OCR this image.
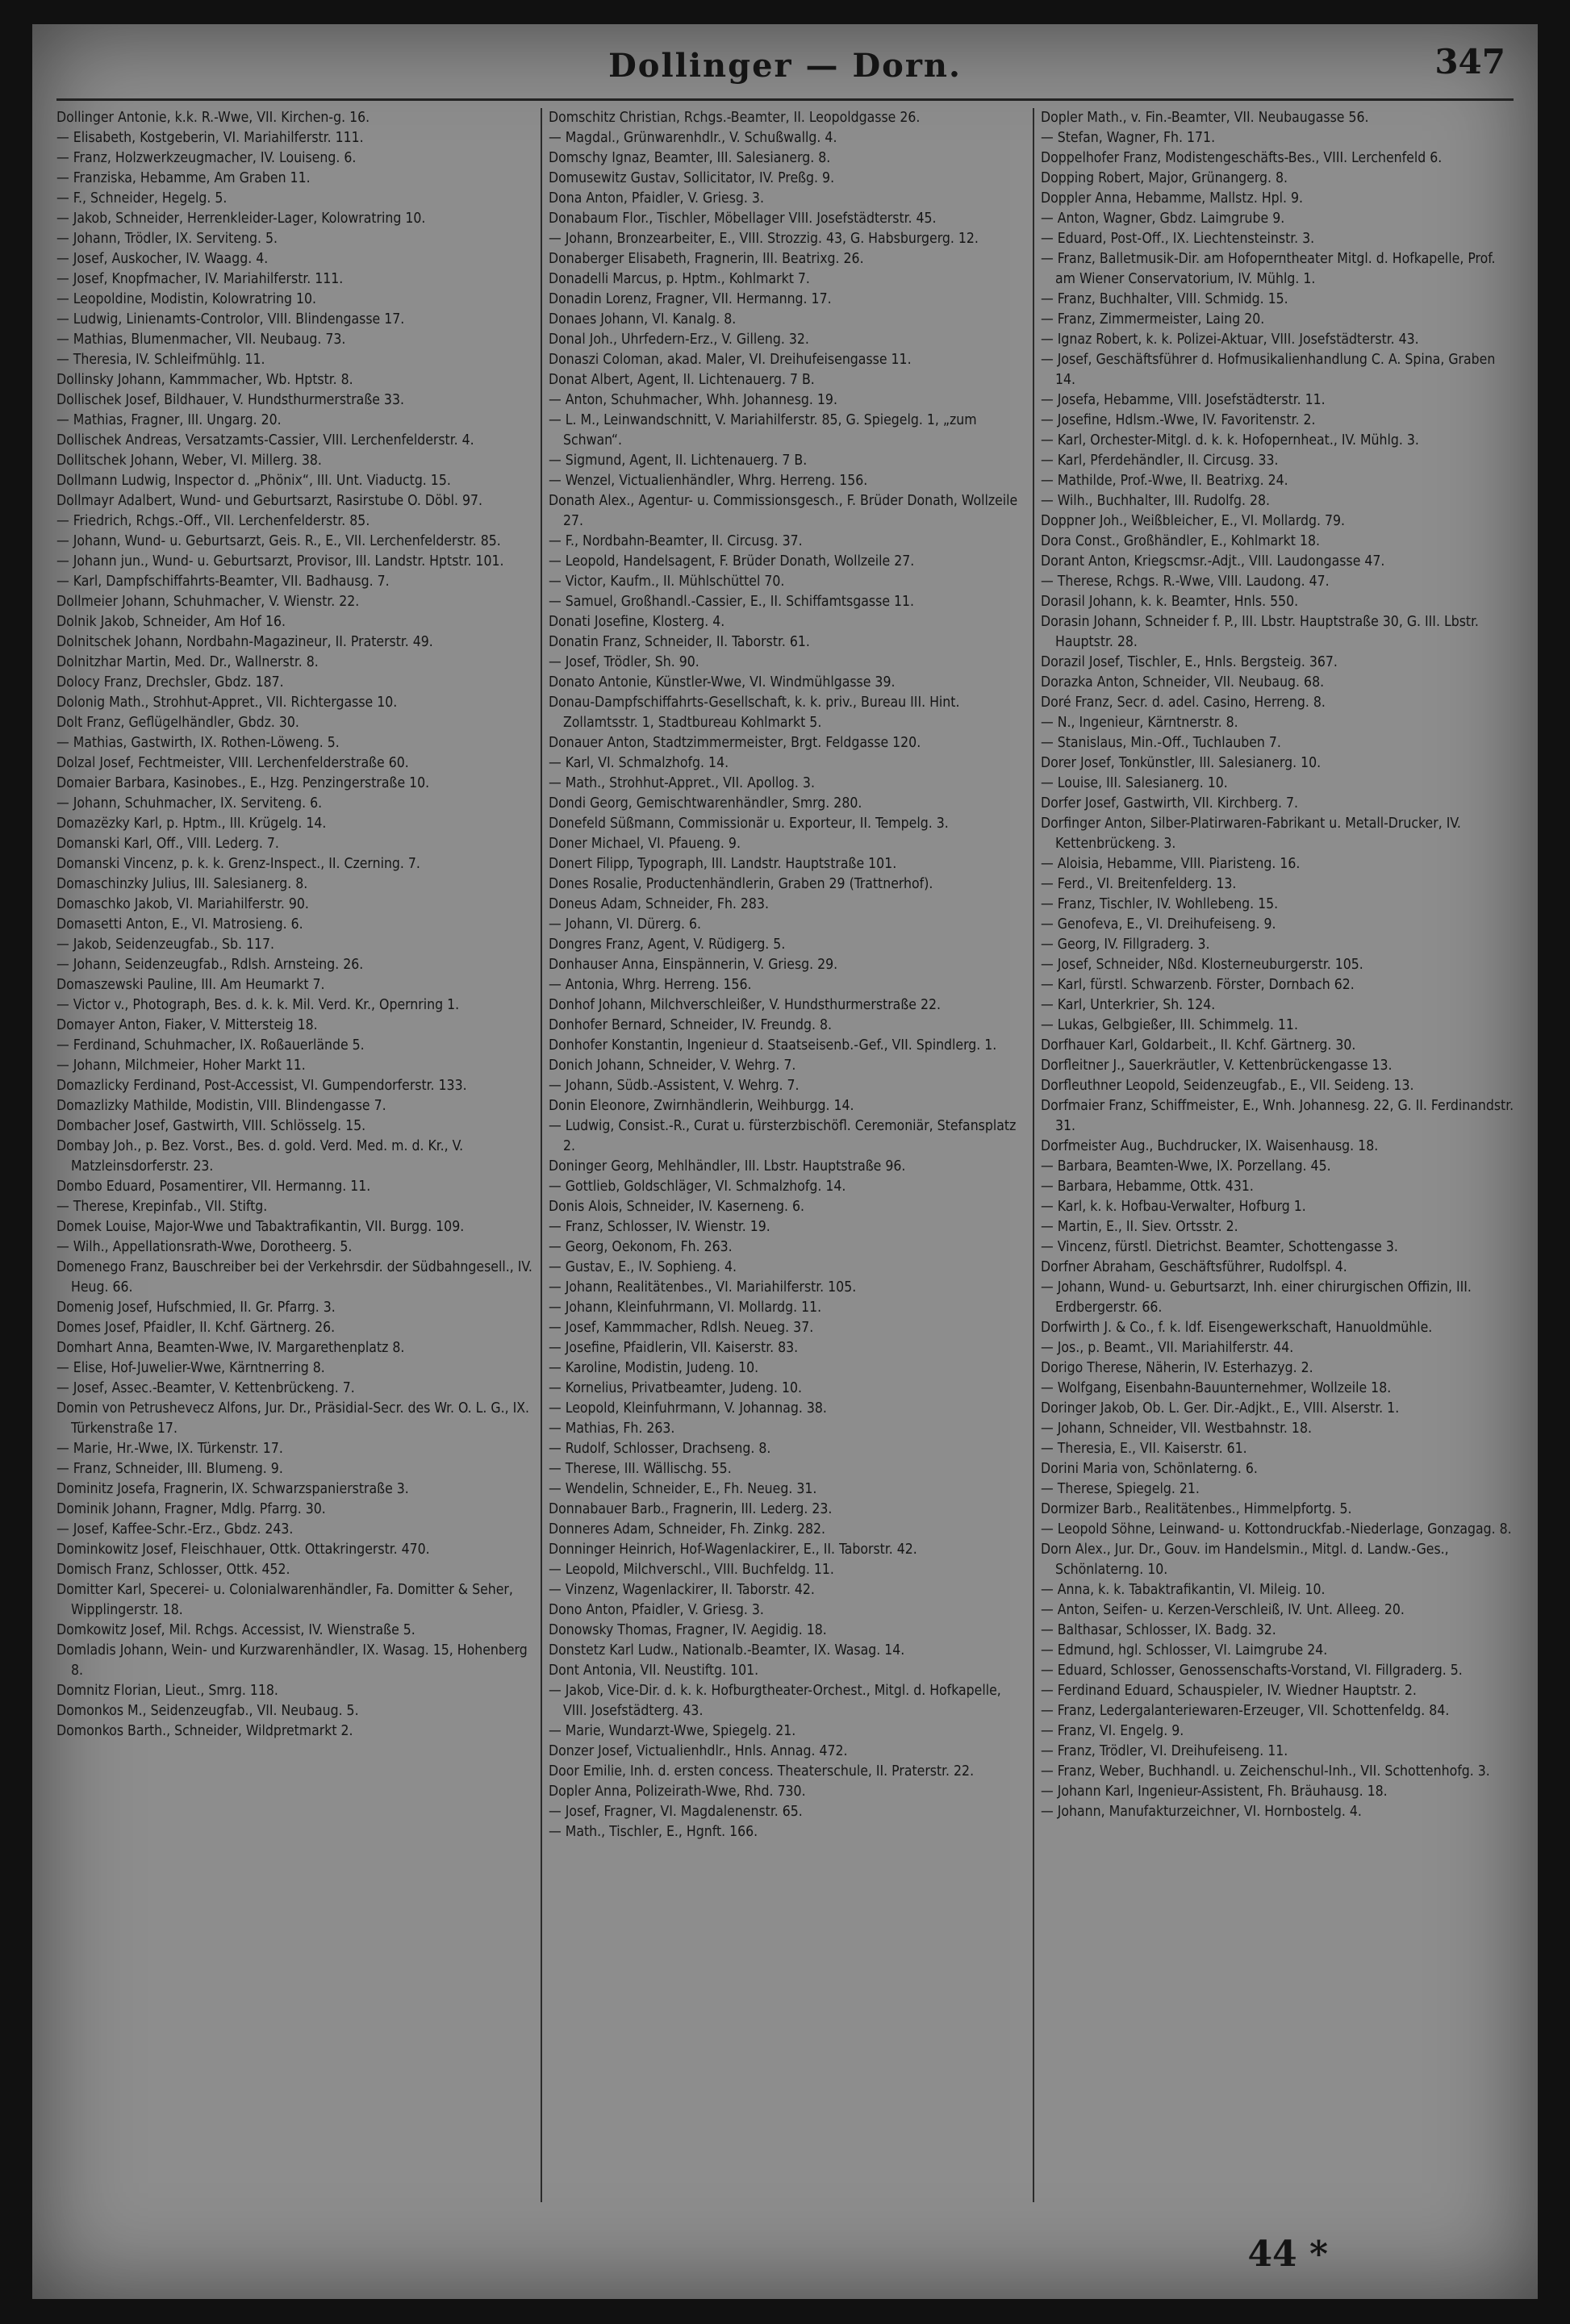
Dollinger — Dorn.	347

Dollinger Antonie, k.k. R.-Wwe, VII. Kirchen-g. 16.

— Elisabeth, Kostgeberin, VI. Mariahilferstr. 111.

— Franz, Holzwerkzeugmacher, IV. Louiseng. 6.

— Franziska, Hebamme, Am Graben 11.

— F., Schneider, Hegelg. 5.

— Jakob, Schneider, Herrenkleider-Lager, Kolowratring 10.

— Johann, Trödler, IX. Serviteng. 5.

— Josef, Auskocher, IV. Waagg. 4.

— Josef, Knopfmacher, IV. Mariahilferstr. 111.

— Leopoldine, Modistin, Kolowratring 10.

— Ludwig, Linienamts-Controlor, VIII. Blindengasse 17.

— Mathias, Blumenmacher, VII. Neubaug. 73.

— Theresia, IV. Schleifmühlg. 11.

Dollinsky Johann, Kammmacher, Wb. Hptstr. 8.

Dollischek Josef, Bildhauer, V. Hundsthurmerstraße 33.

— Mathias, Fragner, III. Ungarg. 20.

Dollischek Andreas, Versatzamts-Cassier, VIII. Lerchenfelderstr. 4.

Dollitschek Johann, Weber, VI. Millerg. 38.

Dollmann Ludwig, Inspector d. „Phönix“, III. Unt. Viaductg. 15.

Dollmayr Adalbert, Wund- und Geburtsarzt, Rasirstube O. Döbl. 97.

— Friedrich, Rchgs.-Off., VII. Lerchenfelderstr. 85.

— Johann, Wund- u. Geburtsarzt, Geis. R., E., VII. Lerchenfelderstr. 85.

— Johann jun., Wund- u. Geburtsarzt, Provisor, III. Landstr. Hptstr. 101.

— Karl, Dampfschiffahrts-Beamter, VII. Badhausg. 7.

Dollmeier Johann, Schuhmacher, V. Wienstr. 22.

Dolnik Jakob, Schneider, Am Hof 16.

Dolnitschek Johann, Nordbahn-Magazineur, II. Praterstr. 49.

Dolnitzhar Martin, Med. Dr., Wallnerstr. 8.

Dolocy Franz, Drechsler, Gbdz. 187.

Dolonig Math., Strohhut-Appret., VII. Richtergasse 10.

Dolt Franz, Geflügelhändler, Gbdz. 30.

— Mathias, Gastwirth, IX. Rothen-Löweng. 5.

Dolzal Josef, Fechtmeister, VIII. Lerchenfelderstraße 60.

Domaier Barbara, Kasinobes., E., Hzg. Penzingerstraße 10.

— Johann, Schuhmacher, IX. Serviteng. 6.

Domazëzky Karl, p. Hptm., III. Krügelg. 14.

Domanski Karl, Off., VIII. Lederg. 7.

Domanski Vincenz, p. k. k. Grenz-Inspect., II. Czerning. 7.

Domaschinzky Julius, III. Salesianerg. 8.

Domaschko Jakob, VI. Mariahilferstr. 90.

Domasetti Anton, E., VI. Matrosieng. 6.

— Jakob, Seidenzeugfab., Sb. 117.

— Johann, Seidenzeugfab., Rdlsh. Arnsteing. 26.

Domaszewski Pauline, III. Am Heumarkt 7.

— Victor v., Photograph, Bes. d. k. k. Mil. Verd. Kr., Opernring 1.

Domayer Anton, Fiaker, V. Mittersteig 18.

— Ferdinand, Schuhmacher, IX. Roßauerlände 5.

— Johann, Milchmeier, Hoher Markt 11.

Domazlicky Ferdinand, Post-Accessist, VI. Gumpendorferstr. 133.

Domazlizky Mathilde, Modistin, VIII. Blindengasse 7.

Dombacher Josef, Gastwirth, VIII. Schlösselg. 15.

Dombay Joh., p. Bez. Vorst., Bes. d. gold. Verd. Med. m. d. Kr., V. Matzleinsdorferstr. 23.

Dombo Eduard, Posamentirer, VII. Hermanng. 11.

— Therese, Krepinfab., VII. Stiftg.

Domek Louise, Major-Wwe und Tabaktrafikantin, VII. Burgg. 109.

— Wilh., Appellationsrath-Wwe, Dorotheerg. 5.

Domenego Franz, Bauschreiber bei der Verkehrsdir. der Südbahngesell., IV. Heug. 66.

Domenig Josef, Hufschmied, II. Gr. Pfarrg. 3.

Domes Josef, Pfaidler, II. Kchf. Gärtnerg. 26.

Domhart Anna, Beamten-Wwe, IV. Margarethenplatz 8.

— Elise, Hof-Juwelier-Wwe, Kärntnerring 8.

— Josef, Assec.-Beamter, V. Kettenbrückeng. 7.

Domin von Petrushevecz Alfons, Jur. Dr., Präsidial-Secr. des Wr. O. L. G., IX. Türkenstraße 17.

— Marie, Hr.-Wwe, IX. Türkenstr. 17.

— Franz, Schneider, III. Blumeng. 9.

Dominitz Josefa, Fragnerin, IX. Schwarzspanierstraße 3.

Dominik Johann, Fragner, Mdlg. Pfarrg. 30.

— Josef, Kaffee-Schr.-Erz., Gbdz. 243.

Dominkowitz Josef, Fleischhauer, Ottk. Ottakringerstr. 470.

Domisch Franz, Schlosser, Ottk. 452.

Domitter Karl, Specerei- u. Colonialwarenhändler, Fa. Domitter & Seher, Wipplingerstr. 18.

Domkowitz Josef, Mil. Rchgs. Accessist, IV. Wienstraße 5.

Domladis Johann, Wein- und Kurzwarenhändler, IX. Wasag. 15, Hohenberg 8.

Domnitz Florian, Lieut., Smrg. 118.

Domonkos M., Seidenzeugfab., VII. Neubaug. 5.

Domonkos Barth., Schneider, Wildpretmarkt 2.

Domschitz Christian, Rchgs.-Beamter, II. Leopoldgasse 26.

— Magdal., Grünwarenhdlr., V. Schußwallg. 4.

Domschy Ignaz, Beamter, III. Salesianerg. 8.

Domusewitz Gustav, Sollicitator, IV. Preßg. 9.

Dona Anton, Pfaidler, V. Griesg. 3.

Donabaum Flor., Tischler, Möbellager VIII. Josefstädterstr. 45.

— Johann, Bronzearbeiter, E., VIII. Strozzig. 43, G. Habsburgerg. 12.

Donaberger Elisabeth, Fragnerin, III. Beatrixg. 26.

Donadelli Marcus, p. Hptm., Kohlmarkt 7.

Donadin Lorenz, Fragner, VII. Hermanng. 17.

Donaes Johann, VI. Kanalg. 8.

Donal Joh., Uhrfedern-Erz., V. Gilleng. 32.

Donaszi Coloman, akad. Maler, VI. Dreihufeisengasse 11.

Donat Albert, Agent, II. Lichtenauerg. 7 B.

— Anton, Schuhmacher, Whh. Johannesg. 19.

— L. M., Leinwandschnitt, V. Mariahilferstr. 85, G. Spiegelg. 1, „zum Schwan“.

— Sigmund, Agent, II. Lichtenauerg. 7 B.

— Wenzel, Victualienhändler, Whrg. Herreng. 156.

Donath Alex., Agentur- u. Commissionsgesch., F. Brüder Donath, Wollzeile 27.

— F., Nordbahn-Beamter, II. Circusg. 37.

— Leopold, Handelsagent, F. Brüder Donath, Wollzeile 27.

— Victor, Kaufm., II. Mühlschüttel 70.

— Samuel, Großhandl.-Cassier, E., II. Schiffamtsgasse 11.

Donati Josefine, Klosterg. 4.

Donatin Franz, Schneider, II. Taborstr. 61.

— Josef, Trödler, Sh. 90.

Donato Antonie, Künstler-Wwe, VI. Windmühlgasse 39.

Donau-Dampfschiffahrts-Gesellschaft, k. k. priv., Bureau III. Hint. Zollamtsstr. 1, Stadtbureau Kohlmarkt 5.

Donauer Anton, Stadtzimmermeister, Brgt. Feldgasse 120.

— Karl, VI. Schmalzhofg. 14.

— Math., Strohhut-Appret., VII. Apollog. 3.

Dondi Georg, Gemischtwarenhändler, Smrg. 280.

Donefeld Süßmann, Commissionär u. Exporteur, II. Tempelg. 3.

Doner Michael, VI. Pfaueng. 9.

Donert Filipp, Typograph, III. Landstr. Hauptstraße 101.

Dones Rosalie, Productenhändlerin, Graben 29 (Trattnerhof).

Doneus Adam, Schneider, Fh. 283.

— Johann, VI. Dürerg. 6.

Dongres Franz, Agent, V. Rüdigerg. 5.

Donhauser Anna, Einspännerin, V. Griesg. 29.

— Antonia, Whrg. Herreng. 156.

Donhof Johann, Milchverschleißer, V. Hundsthurmerstraße 22.

Donhofer Bernard, Schneider, IV. Freundg. 8.

Donhofer Konstantin, Ingenieur d. Staatseisenb.-Gef., VII. Spindlerg. 1.

Donich Johann, Schneider, V. Wehrg. 7.

— Johann, Südb.-Assistent, V. Wehrg. 7.

Donin Eleonore, Zwirnhändlerin, Weihburgg. 14.

— Ludwig, Consist.-R., Curat u. fürsterzbischöfl. Ceremoniär, Stefansplatz 2.

Doninger Georg, Mehlhändler, III. Lbstr. Hauptstraße 96.

— Gottlieb, Goldschläger, VI. Schmalzhofg. 14.

Donis Alois, Schneider, IV. Kaserneng. 6.

— Franz, Schlosser, IV. Wienstr. 19.

— Georg, Oekonom, Fh. 263.

— Gustav, E., IV. Sophieng. 4.

— Johann, Realitätenbes., VI. Mariahilferstr. 105.

— Johann, Kleinfuhrmann, VI. Mollardg. 11.

— Josef, Kammmacher, Rdlsh. Neueg. 37.

— Josefine, Pfaidlerin, VII. Kaiserstr. 83.

— Karoline, Modistin, Judeng. 10.

— Kornelius, Privatbeamter, Judeng. 10.

— Leopold, Kleinfuhrmann, V. Johannag. 38.

— Mathias, Fh. 263.

— Rudolf, Schlosser, Drachseng. 8.

— Therese, III. Wällischg. 55.

— Wendelin, Schneider, E., Fh. Neueg. 31.

Donnabauer Barb., Fragnerin, III. Lederg. 23.

Donneres Adam, Schneider, Fh. Zinkg. 282.

Donninger Heinrich, Hof-Wagenlackirer, E., II. Taborstr. 42.

— Leopold, Milchverschl., VIII. Buchfeldg. 11.

— Vinzenz, Wagenlackirer, II. Taborstr. 42.

Dono Anton, Pfaidler, V. Griesg. 3.

Donowsky Thomas, Fragner, IV. Aegidig. 18.

Donstetz Karl Ludw., Nationalb.-Beamter, IX. Wasag. 14.

Dont Antonia, VII. Neustiftg. 101.

— Jakob, Vice-Dir. d. k. k. Hofburgtheater-Orchest., Mitgl. d. Hofkapelle, VIII. Josefstädterg. 43.

— Marie, Wundarzt-Wwe, Spiegelg. 21.

Donzer Josef, Victualienhdlr., Hnls. Annag. 472.

Door Emilie, Inh. d. ersten concess. Theaterschule, II. Praterstr. 22.

Dopler Anna, Polizeirath-Wwe, Rhd. 730.

— Josef, Fragner, VI. Magdalenenstr. 65.

— Math., Tischler, E., Hgnft. 166.

Dopler Math., v. Fin.-Beamter, VII. Neubaugasse 56.

— Stefan, Wagner, Fh. 171.

Doppelhofer Franz, Modistengeschäfts-Bes., VIII. Lerchenfeld 6.

Dopping Robert, Major, Grünangerg. 8.

Doppler Anna, Hebamme, Mallstz. Hpl. 9.

— Anton, Wagner, Gbdz. Laimgrube 9.

— Eduard, Post-Off., IX. Liechtensteinstr. 3.

— Franz, Balletmusik-Dir. am Hofoperntheater Mitgl. d. Hofkapelle, Prof. am Wiener Conservatorium, IV. Mühlg. 1.

— Franz, Buchhalter, VIII. Schmidg. 15.

— Franz, Zimmermeister, Laing 20.

— Ignaz Robert, k. k. Polizei-Aktuar, VIII. Josefstädterstr. 43.

— Josef, Geschäftsführer d. Hofmusikalienhandlung C. A. Spina, Graben 14.

— Josefa, Hebamme, VIII. Josefstädterstr. 11.

— Josefine, Hdlsm.-Wwe, IV. Favoritenstr. 2.

— Karl, Orchester-Mitgl. d. k. k. Hofopernheat., IV. Mühlg. 3.

— Karl, Pferdehändler, II. Circusg. 33.

— Mathilde, Prof.-Wwe, II. Beatrixg. 24.

— Wilh., Buchhalter, III. Rudolfg. 28.

Doppner Joh., Weißbleicher, E., VI. Mollardg. 79.

Dora Const., Großhändler, E., Kohlmarkt 18.

Dorant Anton, Kriegscmsr.-Adjt., VIII. Laudongasse 47.

— Therese, Rchgs. R.-Wwe, VIII. Laudong. 47.

Dorasil Johann, k. k. Beamter, Hnls. 550.

Dorasin Johann, Schneider f. P., III. Lbstr. Hauptstraße 30, G. III. Lbstr. Hauptstr. 28.

Dorazil Josef, Tischler, E., Hnls. Bergsteig. 367.

Dorazka Anton, Schneider, VII. Neubaug. 68.

Doré Franz, Secr. d. adel. Casino, Herreng. 8.

— N., Ingenieur, Kärntnerstr. 8.

— Stanislaus, Min.-Off., Tuchlauben 7.

Dorer Josef, Tonkünstler, III. Salesianerg. 10.

— Louise, III. Salesianerg. 10.

Dorfer Josef, Gastwirth, VII. Kirchberg. 7.

Dorfinger Anton, Silber-Platirwaren-Fabrikant u. Metall-Drucker, IV. Kettenbrückeng. 3.

— Aloisia, Hebamme, VIII. Piaristeng. 16.

— Ferd., VI. Breitenfelderg. 13.

— Franz, Tischler, IV. Wohllebeng. 15.

— Genofeva, E., VI. Dreihufeiseng. 9.

— Georg, IV. Fillgraderg. 3.

— Josef, Schneider, Nßd. Klosterneuburgerstr. 105.

— Karl, fürstl. Schwarzenb. Förster, Dornbach 62.

— Karl, Unterkrier, Sh. 124.

— Lukas, Gelbgießer, III. Schimmelg. 11.

Dorfhauer Karl, Goldarbeit., II. Kchf. Gärtnerg. 30.

Dorfleitner J., Sauerkräutler, V. Kettenbrückengasse 13.

Dorfleuthner Leopold, Seidenzeugfab., E., VII. Seideng. 13.

Dorfmaier Franz, Schiffmeister, E., Wnh. Johannesg. 22, G. II. Ferdinandstr. 31.

Dorfmeister Aug., Buchdrucker, IX. Waisenhausg. 18.

— Barbara, Beamten-Wwe, IX. Porzellang. 45.

— Barbara, Hebamme, Ottk. 431.

— Karl, k. k. Hofbau-Verwalter, Hofburg 1.

— Martin, E., II. Siev. Ortsstr. 2.

— Vincenz, fürstl. Dietrichst. Beamter, Schottengasse 3.

Dorfner Abraham, Geschäftsführer, Rudolfspl. 4.

— Johann, Wund- u. Geburtsarzt, Inh. einer chirurgischen Offizin, III. Erdbergerstr. 66.

Dorfwirth J. & Co., f. k. ldf. Eisengewerkschaft, Hanuoldmühle.

— Jos., p. Beamt., VII. Mariahilferstr. 44.

Dorigo Therese, Näherin, IV. Esterhazyg. 2.

— Wolfgang, Eisenbahn-Bauunternehmer, Wollzeile 18.

Doringer Jakob, Ob. L. Ger. Dir.-Adjkt., E., VIII. Alserstr. 1.

— Johann, Schneider, VII. Westbahnstr. 18.

— Theresia, E., VII. Kaiserstr. 61.

Dorini Maria von, Schönlaterng. 6.

— Therese, Spiegelg. 21.

Dormizer Barb., Realitätenbes., Himmelpfortg. 5.

— Leopold Söhne, Leinwand- u. Kottondruckfab.-Niederlage, Gonzagag. 8.

Dorn Alex., Jur. Dr., Gouv. im Handelsmin., Mitgl. d. Landw.-Ges., Schönlaterng. 10.

— Anna, k. k. Tabaktrafikantin, VI. Mileig. 10.

— Anton, Seifen- u. Kerzen-Verschleiß, IV. Unt. Alleeg. 20.

— Balthasar, Schlosser, IX. Badg. 32.

— Edmund, hgl. Schlosser, VI. Laimgrube 24.

— Eduard, Schlosser, Genossenschafts-Vorstand, VI. Fillgraderg. 5.

— Ferdinand Eduard, Schauspieler, IV. Wiedner Hauptstr. 2.

— Franz, Ledergalanteriewaren-Erzeuger, VII. Schottenfeldg. 84.

— Franz, VI. Engelg. 9.

— Franz, Trödler, VI. Dreihufeiseng. 11.

— Franz, Weber, Buchhandl. u. Zeichenschul-Inh., VII. Schottenhofg. 3.

— Johann Karl, Ingenieur-Assistent, Fh. Bräuhausg. 18.

— Johann, Manufakturzeichner, VI. Hornbostelg. 4.

44 *
